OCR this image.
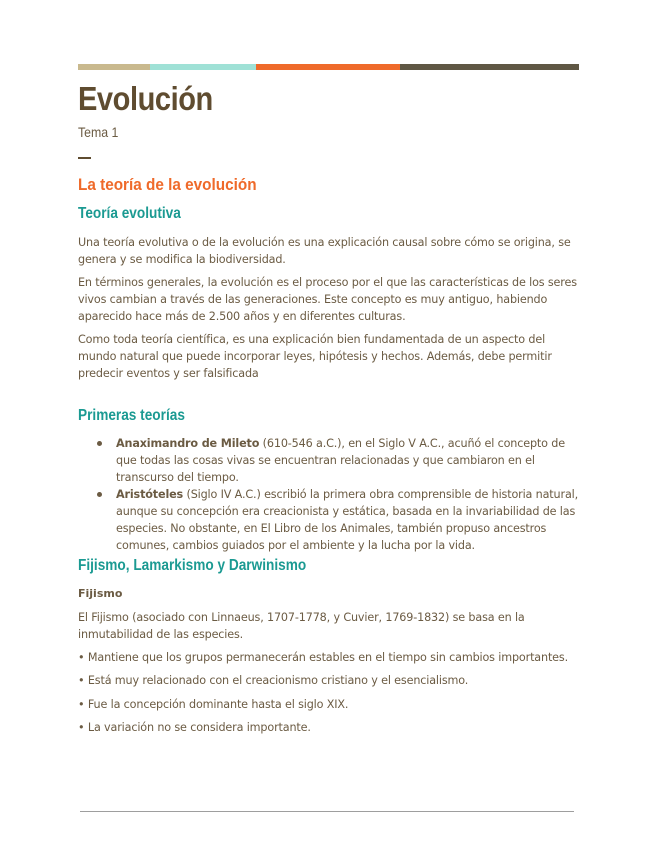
Evolución

Tema 1

La teoría de la evolución
Teoría evolutiva

Una teoría evolutiva o de la evolución es una explicación causal sobre cómo se origina, se genera y se modifica la biodiversidad.

En términos generales, la evolución es el proceso por el que las características de los seres vivos cambian a través de las generaciones. Este concepto es muy antiguo, habiendo aparecido hace más de 2.500 años y en diferentes culturas.

Como toda teoría científica, es una explicación bien fundamentada de un aspecto del mundo natural que puede incorporar leyes, hipótesis y hechos. Además, debe permitir predecir eventos y ser falsificada

Primeras teorías
Anaximandro de Mileto (610-546 a.C.), en el Siglo V A.C., acuñó el concepto de que todas las cosas vivas se encuentran relacionadas y que cambiaron en el transcurso del tiempo.
Aristóteles (Siglo IV A.C.) escribió la primera obra comprensible de historia natural, aunque su concepción era creacionista y estática, basada en la invariabilidad de las especies. No obstante, en El Libro de los Animales, también propuso ancestros comunes, cambios guiados por el ambiente y la lucha por la vida.
Fijismo, Lamarkismo y Darwinismo
Fijismo

El Fijismo (asociado con Linnaeus, 1707-1778, y Cuvier, 1769-1832) se basa en la inmutabilidad de las especies.

• Mantiene que los grupos permanecerán estables en el tiempo sin cambios importantes.

• Está muy relacionado con el creacionismo cristiano y el esencialismo.

• Fue la concepción dominante hasta el siglo XIX.

• La variación no se considera importante.
